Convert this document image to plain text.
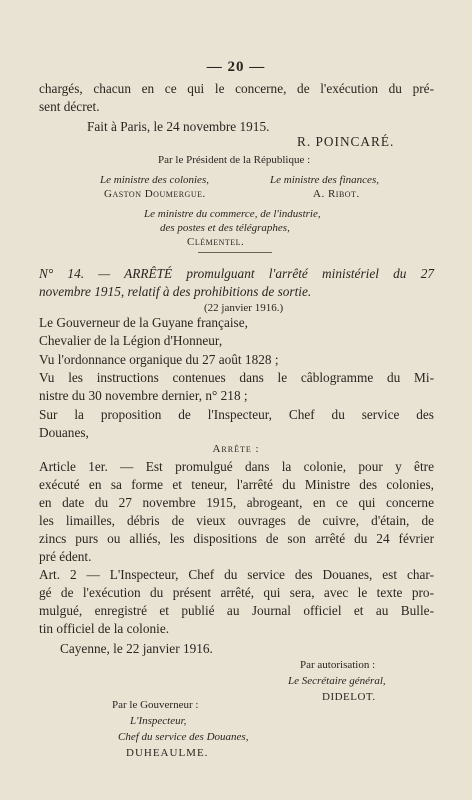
— 20 —
chargés, chacun en ce qui le concerne, de l'exécution du pré-
sent décret.
Fait à Paris, le 24 novembre 1915.
R. POINCARÉ.
Par le Président de la République :
Le ministre des colonies,
Gaston Doumergue.
Le ministre des finances,
A. Ribot.
Le ministre du commerce, de l'industrie,
des postes et des télégraphes,
Clémentel.
N° 14. — ARRÊTÉ promulguant l'arrêté ministériel du 27
novembre 1915, relatif à des prohibitions de sortie.
(22 janvier 1916.)
Le Gouverneur de la Guyane française,
Chevalier de la Légion d'Honneur,
Vu l'ordonnance organique du 27 août 1828 ;
Vu les instructions contenues dans le câblogramme du Mi-
nistre du 30 novembre dernier, n° 218 ;
Sur la proposition de l'Inspecteur, Chef du service des
Douanes,
Arrête :
Article 1er. — Est promulgué dans la colonie, pour y être
exécuté en sa forme et teneur, l'arrêté du Ministre des colonies,
en date du 27 novembre 1915, abrogeant, en ce qui concerne
les limailles, débris de vieux ouvrages de cuivre, d'étain, de
zincs purs ou alliés, les dispositions de son arrêté du 24 février
pré édent.
Art. 2 — L'Inspecteur, Chef du service des Douanes, est char-
gé de l'exécution du présent arrêté, qui sera, avec le texte pro-
mulgué, enregistré et publié au Journal officiel et au Bulle-
tin officiel de la colonie.
Cayenne, le 22 janvier 1916.
Par autorisation :
Le Secrétaire général,
DIDELOT.
Par le Gouverneur :
L'Inspecteur,
Chef du service des Douanes,
DUHEAULME.
